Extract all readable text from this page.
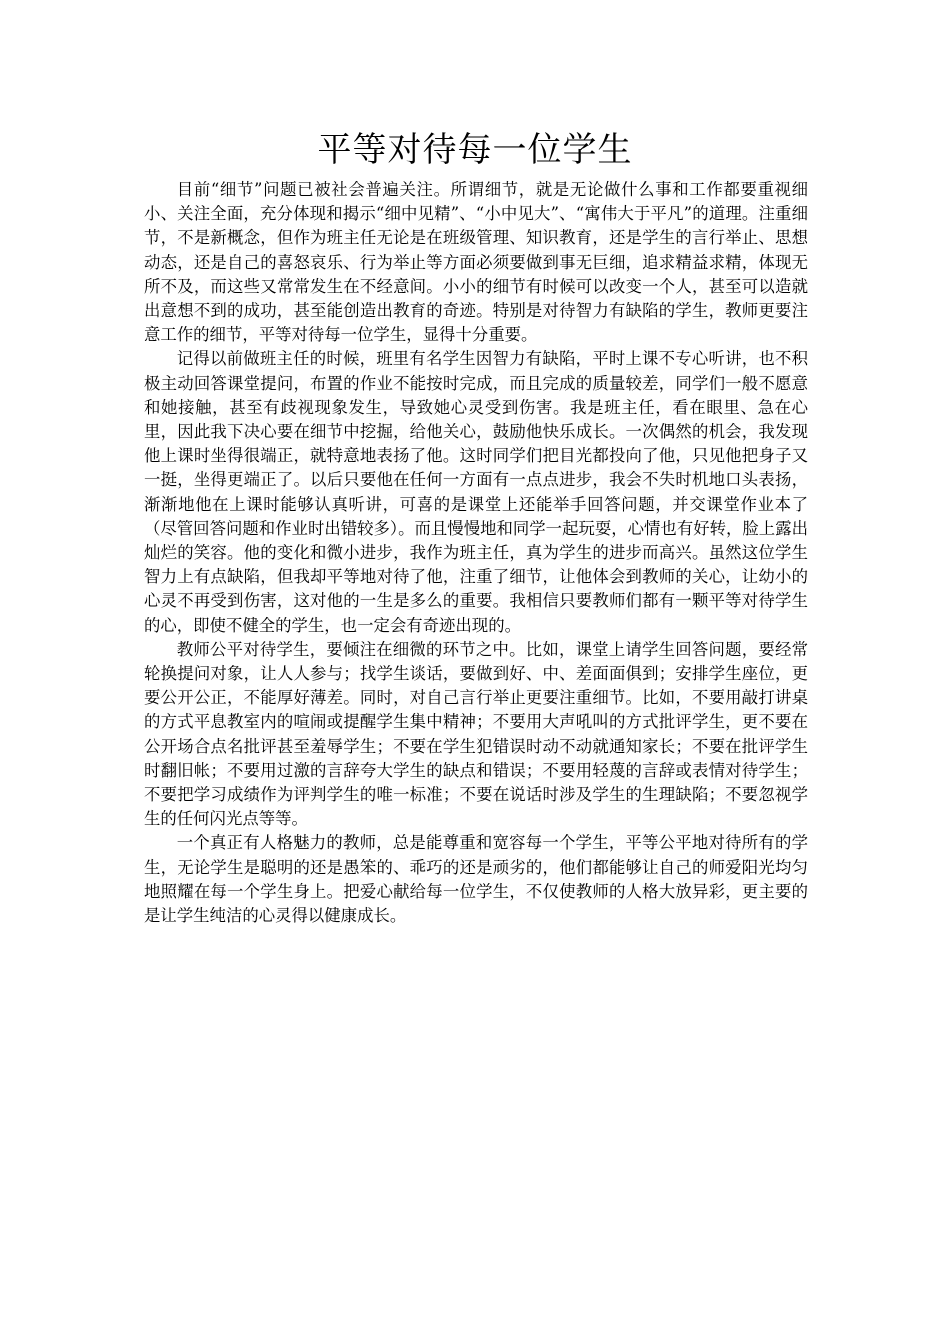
平等对待每一位学生

目前“细节”问题已被社会普遍关注。所谓细节，就是无论做什么事和工作都要重视细小、关注全面，充分体现和揭示“细中见精”、“小中见大”、“寓伟大于平凡”的道理。注重细节，不是新概念，但作为班主任无论是在班级管理、知识教育，还是学生的言行举止、思想动态，还是自己的喜怒哀乐、行为举止等方面必须要做到事无巨细，追求精益求精，体现无所不及，而这些又常常发生在不经意间。小小的细节有时候可以改变一个人，甚至可以造就出意想不到的成功，甚至能创造出教育的奇迹。特别是对待智力有缺陷的学生，教师更要注意工作的细节，平等对待每一位学生，显得十分重要。

记得以前做班主任的时候，班里有名学生因智力有缺陷，平时上课不专心听讲，也不积极主动回答课堂提问，布置的作业不能按时完成，而且完成的质量较差，同学们一般不愿意和她接触，甚至有歧视现象发生，导致她心灵受到伤害。我是班主任，看在眼里、急在心里，因此我下决心要在细节中挖掘，给他关心，鼓励他快乐成长。一次偶然的机会，我发现他上课时坐得很端正，就特意地表扬了他。这时同学们把目光都投向了他，只见他把身子又一挺，坐得更端正了。以后只要他在任何一方面有一点点进步，我会不失时机地口头表扬，渐渐地他在上课时能够认真听讲，可喜的是课堂上还能举手回答问题，并交课堂作业本了（尽管回答问题和作业时出错较多）。而且慢慢地和同学一起玩耍，心情也有好转，脸上露出灿烂的笑容。他的变化和微小进步，我作为班主任，真为学生的进步而高兴。虽然这位学生智力上有点缺陷，但我却平等地对待了他，注重了细节，让他体会到教师的关心，让幼小的心灵不再受到伤害，这对他的一生是多么的重要。我相信只要教师们都有一颗平等对待学生的心，即使不健全的学生，也一定会有奇迹出现的。

教师公平对待学生，要倾注在细微的环节之中。比如，课堂上请学生回答问题，要经常轮换提问对象，让人人参与；找学生谈话，要做到好、中、差面面俱到；安排学生座位，更要公开公正，不能厚好薄差。同时，对自己言行举止更要注重细节。比如，不要用敲打讲桌的方式平息教室内的喧闹或提醒学生集中精神；不要用大声吼叫的方式批评学生，更不要在公开场合点名批评甚至羞辱学生；不要在学生犯错误时动不动就通知家长；不要在批评学生时翻旧帐；不要用过激的言辞夸大学生的缺点和错误；不要用轻蔑的言辞或表情对待学生；不要把学习成绩作为评判学生的唯一标准；不要在说话时涉及学生的生理缺陷；不要忽视学生的任何闪光点等等。

一个真正有人格魅力的教师，总是能尊重和宽容每一个学生，平等公平地对待所有的学生，无论学生是聪明的还是愚笨的、乖巧的还是顽劣的，他们都能够让自己的师爱阳光均匀地照耀在每一个学生身上。把爱心献给每一位学生，不仅使教师的人格大放异彩，更主要的是让学生纯洁的心灵得以健康成长。
